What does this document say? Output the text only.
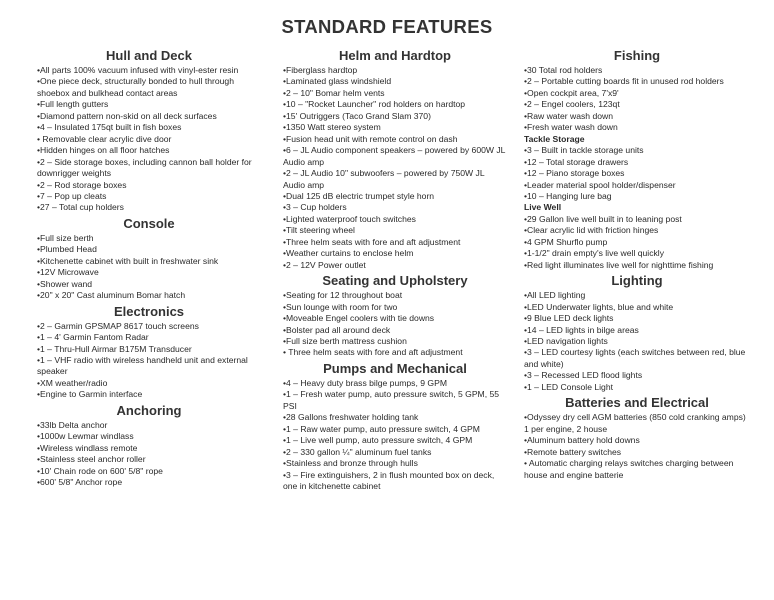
STANDARD FEATURES
Hull and Deck
• All parts 100% vacuum infused with vinyl-ester resin
• One piece deck, structurally bonded to hull through shoebox and bulkhead contact areas
• Full length gutters
• Diamond pattern non-skid on all deck surfaces
• 4 – Insulated 175qt built in fish boxes
• Removable clear acrylic dive door
• Hidden hinges on all floor hatches
• 2 – Side storage boxes, including cannon ball holder for downrigger weights
• 2 – Rod storage boxes
• 7 – Pop up cleats
• 27 – Total cup holders
Console
• Full size berth
• Plumbed Head
• Kitchenette cabinet with built in freshwater sink
• 12V Microwave
• Shower wand
• 20" x 20" Cast aluminum Bomar hatch
Electronics
• 2 – Garmin GPSMAP 8617 touch screens
• 1 – 4' Garmin Fantom Radar
• 1 – Thru-Hull Airmar B175M Transducer
• 1 – VHF radio with wireless handheld unit and external speaker
• XM weather/radio
• Engine to Garmin interface
Anchoring
• 33lb Delta anchor
• 1000w Lewmar windlass
• Wireless windlass remote
• Stainless steel anchor roller
• 10' Chain rode on 600' 5/8" rope
• 600' 5/8" Anchor rope
Helm and Hardtop
• Fiberglass hardtop
• Laminated glass windshield
• 2 – 10" Bomar helm vents
• 10 – "Rocket Launcher" rod holders on hardtop
• 15' Outriggers (Taco Grand Slam 370)
• 1350 Watt stereo system
• Fusion head unit with remote control on dash
• 6 – JL Audio component speakers – powered by 600W JL Audio amp
• 2 – JL Audio 10" subwoofers – powered by 750W JL Audio amp
• Dual 125 dB electric trumpet style horn
• 3 – Cup holders
• Lighted waterproof touch switches
• Tilt steering wheel
• Three helm seats with fore and aft adjustment
• Weather curtains to enclose helm
• 2 – 12V Power outlet
Seating and Upholstery
• Seating for 12 throughout boat
• Sun lounge with room for two
• Moveable Engel coolers with tie downs
• Bolster pad all around deck
• Full size berth mattress cushion
• Three helm seats with fore and aft adjustment
Pumps and Mechanical
• 4 – Heavy duty brass bilge pumps, 9 GPM
• 1 – Fresh water pump, auto pressure switch, 5 GPM, 55 PSI
• 28 Gallons freshwater holding tank
• 1 – Raw water pump, auto pressure switch, 4 GPM
• 1 – Live well pump, auto pressure switch, 4 GPM
• 2 – 330 gallon ¼" aluminum fuel tanks
• Stainless and bronze through hulls
• 3 – Fire extinguishers, 2 in flush mounted box on deck, one in kitchenette cabinet
Fishing
• 30 Total rod holders
• 2 – Portable cutting boards fit in unused rod holders
• Open cockpit area, 7'x9'
• 2 – Engel coolers, 123qt
• Raw water wash down
• Fresh water wash down
Tackle Storage
• 3 – Built in tackle storage units
• 12 – Total storage drawers
• 12 – Piano storage boxes
• Leader material spool holder/dispenser
• 10 – Hanging lure bag
Live Well
• 29 Gallon live well built in to leaning post
• Clear acrylic lid with friction hinges
• 4 GPM Shurflo pump
• 1-1/2" drain empty's live well quickly
• Red light illuminates live well for nighttime fishing
Lighting
• All LED lighting
• LED Underwater lights, blue and white
• 9 Blue LED deck lights
• 14 – LED lights in bilge areas
• LED navigation lights
• 3 – LED courtesy lights (each switches between red, blue and white)
• 3 – Recessed LED flood lights
• 1 – LED Console Light
Batteries and Electrical
• Odyssey dry cell AGM batteries (850 cold cranking amps) 1 per engine, 2 house
• Aluminum battery hold downs
• Remote battery switches
• Automatic charging relays switches charging between house and engine batterie
